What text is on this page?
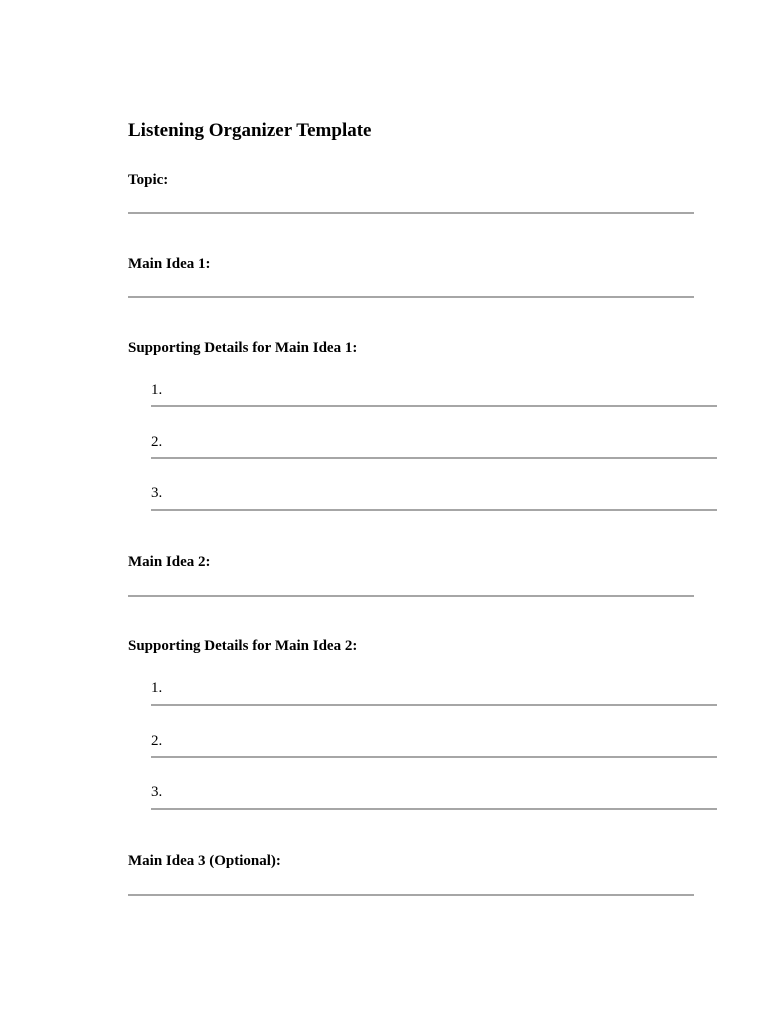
Listening Organizer Template

Topic:

Main Idea 1:

Supporting Details for Main Idea 1:

1.

2.

3.

Main Idea 2:

Supporting Details for Main Idea 2:

1.

2.

3.

Main Idea 3 (Optional):
